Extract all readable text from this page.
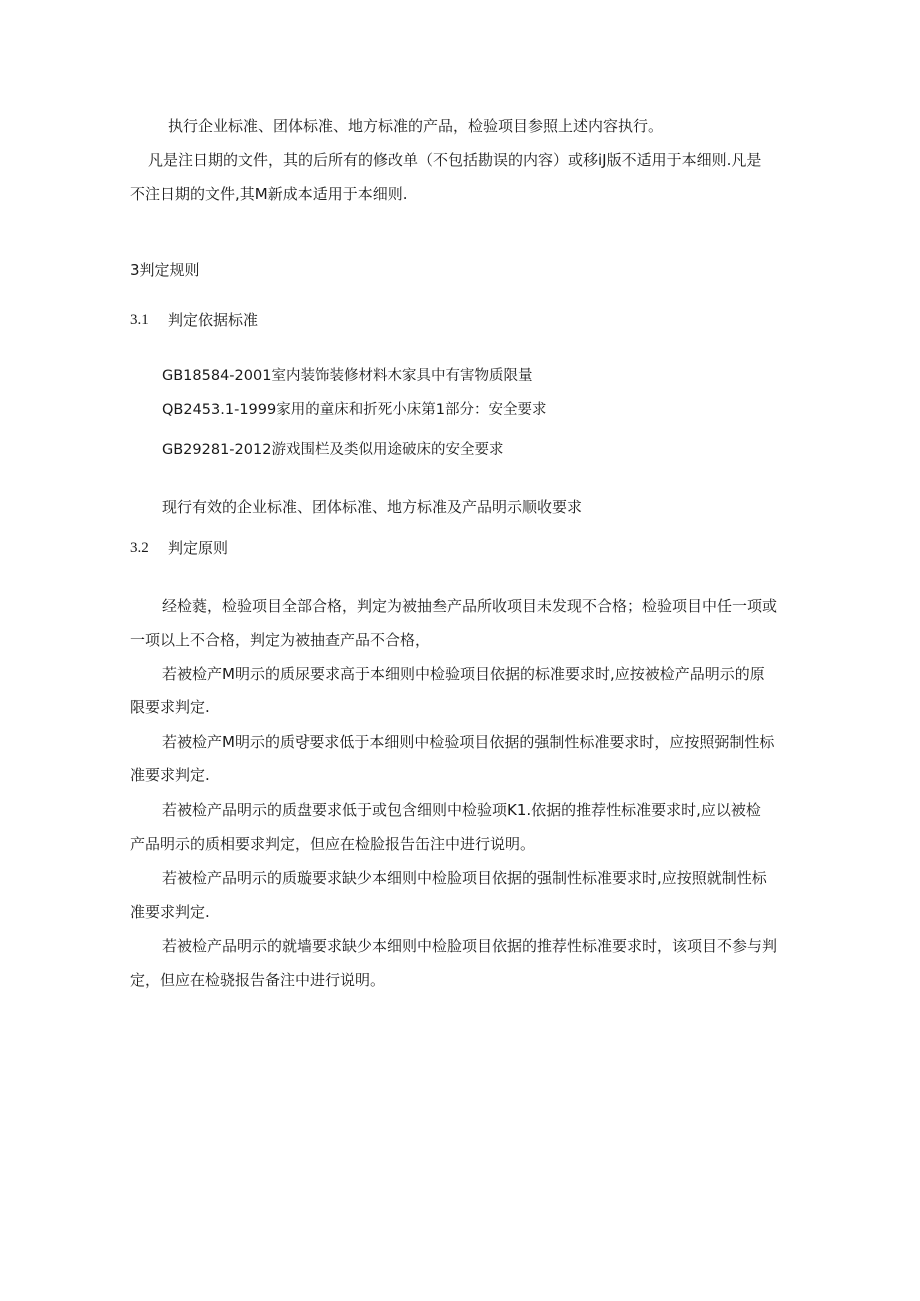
执行企业标准、团体标准、地方标准的产品，检验项目参照上述内容执行。
凡是注日期的文件，其的后所有的修改单（不包括勘误的内容）或移iJ版不适用于本细则.凡是
不注日期的文件,其M新成本适用于本细则.
3判定规则
3.1 判定依据标准
GB18584-2001室内装饰装修材料木家具中有害物质限量
QB2453.1-1999家用的童床和折死小床第1部分：安全要求
GB29281-2012游戏围栏及类似用途破床的安全要求
现行有效的企业标准、团体标准、地方标准及产品明示顺收要求
3.2 判定原则
经检蕤，检验项目全部合格，判定为被抽叁产品所收项目未发现不合格；检验项目中任一项或
一项以上不合格，判定为被抽查产品不合格，
若被检产M明示的质尿要求高于本细则中检验项目依据的标准要求时,应按被检产品明示的原
限要求判定.
若被检产M明示的质량要求低于本细则中检验项目依据的强制性标准要求时，应按照弼制性标
准要求判定.
若被检产品明示的质盘要求低于或包含细则中检验项K1.依据的推荐性标准要求时,应以被检
产品明示的质相要求判定，但应在检脸报告缶注中进行说明。
若被检产品明示的质璇要求缺少本细则中检脸项目依据的强制性标准要求时,应按照就制性标
准要求判定.
若被检产品明示的就墙要求缺少本细则中检脸项目依据的推荐性标准要求时，该项目不参与判
定，但应在检骁报告备注中进行说明。
